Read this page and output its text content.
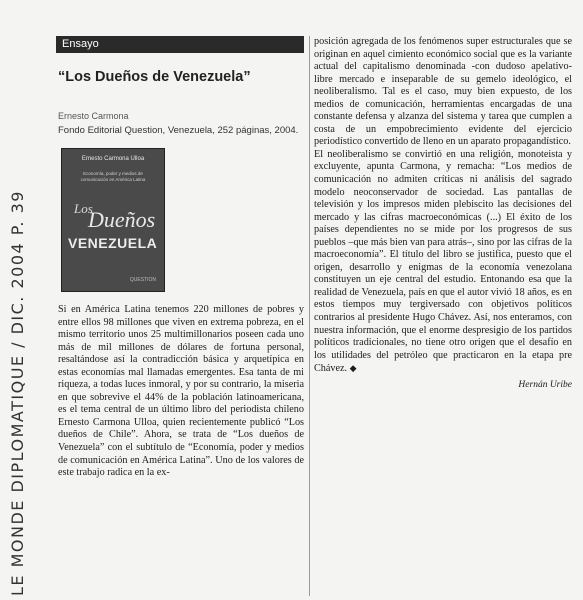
LE MONDE DIPLOMATIQUE / DIC. 2004 P. 39
Ensayo
“Los Dueños de Venezuela”
Ernesto Carmona
Fondo Editorial Question, Venezuela, 252 páginas, 2004.
Ernesto Carmona Ulloa
Economía, poder y medios de comunicación en América Latina
Los
Dueños
VENEZUELA
QUESTION
Si en América Latina tenemos 220 millones de pobres y entre ellos 98 millones que viven en extrema pobreza, en el mismo territorio unos 25 multimillonarios poseen cada uno más de mil millones de dólares de fortuna personal, resaltándose así la contradicción básica y arquetípica en estas economías mal llamadas emergentes. Esa tanta de mi riqueza, a todas luces inmoral, y por su contrario, la miseria en que sobrevive el 44% de la población latinoamericana, es el tema central de un último libro del periodista chileno Ernesto Carmona Ulloa, quien recientemente publicó “Los dueños de Chile”. Ahora, se trata de “Los dueños de Venezuela” con el subtítulo de “Economía, poder y medios de comunicación en América Latina”. Uno de los valores de este trabajo radica en la ex-

posición agregada de los fenómenos super estructurales que se originan en aquel cimiento económico social que es la variante actual del capitalismo denominada -con dudoso apelativo- libre mercado e inseparable de su gemelo ideológico, el neoliberalismo. Tal es el caso, muy bien expuesto, de los medios de comunicación, herramientas encargadas de una constante defensa y alzanza del sistema y tarea que cumplen a costa de un empobrecimiento evidente del ejercicio periodístico convertido de lleno en un aparato propagandístico.

El neoliberalismo se convirtió en una religión, monoteista y excluyente, apunta Carmona, y remacha: “Los medios de comunicación no admiten críticas ni análisis del sagrado modelo neoconservador de sociedad. Las pantallas de televisión y los impresos miden plebiscito las decisiones del mercado y las cifras macroeconómicas (...) El éxito de los países dependientes no se mide por los progresos de sus pueblos –que más bien van para atrás–, sino por las cifras de la macroeconomía”. El título del libro se justifica, puesto que el origen, desarrollo y enigmas de la economía venezolana constituyen un eje central del estudio. Entonando esa que la realidad de Venezuela, país en que el autor vivió 18 años, es en estos tiempos muy tergiversado con objetivos políticos contrarios al presidente Hugo Chávez. Así, nos enteramos, con nuestra información, que el enorme despresigio de los partidos políticos tradicionales, no tiene otro origen que el desafío en los utilidades del petróleo que practicaron en la etapa pre Chávez. ◆

Hernán Uribe
